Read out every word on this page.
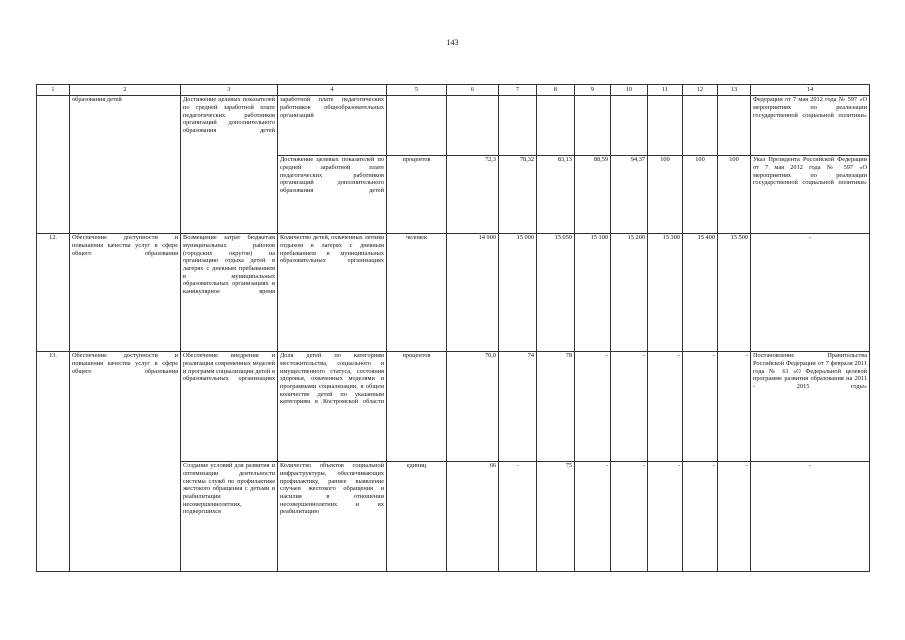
143
1	2	3	4	5	6	7	8	9	10	11	12	13	14
	образования детей	Достижение целевых показателей по средней заработной плате педагогических работников организаций дополнительного образования детей	заработной плате педагогических работников общеобразовательных организаций										Федерации от 7 мая 2012 года № 597 «О мероприятиях по реализации государственной социальной политики»
			Достижение целевых показателей по средней заработной плате педагогических работников организаций дополнительного образования детей	процентов	72,3	78,32	83,13	88,59	94,37	100	100	100	Указ Президента Российской Федерации от 7 мая 2012 года № 597 «О мероприятиях по реализации государственной социальной политики»
12.	Обеспечение доступности и повышения качества услуг в сфере общего образования	Возмещение затрат бюджетам муниципальных районов (городских округов) на организацию отдыха детей в лагерях с дневным пребыванием в муниципальных образовательных организациях в каникулярное время	Количество детей, охваченных летним отдыхом в лагерях с дневным пребыванием в муниципальных образовательных организациях	человек	14 900	15 000	15 050	15 100	15 200	15 300	15 400	15 500	-
13.	Обеспечение доступности и повышения качества услуг в сфере общего образования	Обеспечение внедрения и реализация современных моделей и программ социализации детей в образовательных организациях	Доля детей по категориям местожительства, социального и имущественного статуса, состояния здоровья, охваченных моделями и программами социализации, в общем количестве детей по указанным категориям в Костромской области	процентов	70,0	74	78	-	-	-	-	-	Постановление Правительства Российской Федерации от 7 февраля 2011 года № 61 «О Федеральной целевой программе развития образования на 2011 - 2015 годы»
		Создание условий для развития и оптимизации деятельности системы служб по профилактике жестокого обращения с детьми и реабилитации несовершеннолетних, подвергшихся	Количество объектов социальной инфраструктуры, обеспечивающих профилактику, раннее выявление случаев жестокого обращения и насилия в отношении несовершеннолетних и их реабилитацию	единиц	66	-	75	-	-	-	-	-	-
